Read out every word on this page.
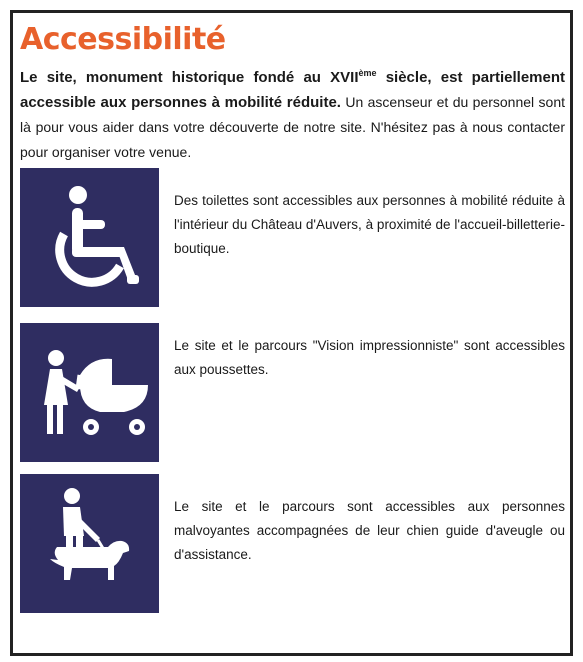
Accessibilité

Le site, monument historique fondé au XVIIème siècle, est partiellement accessible aux personnes à mobilité réduite. Un ascenseur et du personnel sont là pour vous aider dans votre découverte de notre site. N'hésitez pas à nous contacter pour organiser votre venue.

Des toilettes sont accessibles aux personnes à mobilité réduite à l'intérieur du Château d'Auvers, à proximité de l'accueil-billetterie-boutique.

Le site et le parcours "Vision impressionniste" sont accessibles aux poussettes.

Le site et le parcours sont accessibles aux personnes malvoyantes accompagnées de leur chien guide d'aveugle ou d'assistance.
